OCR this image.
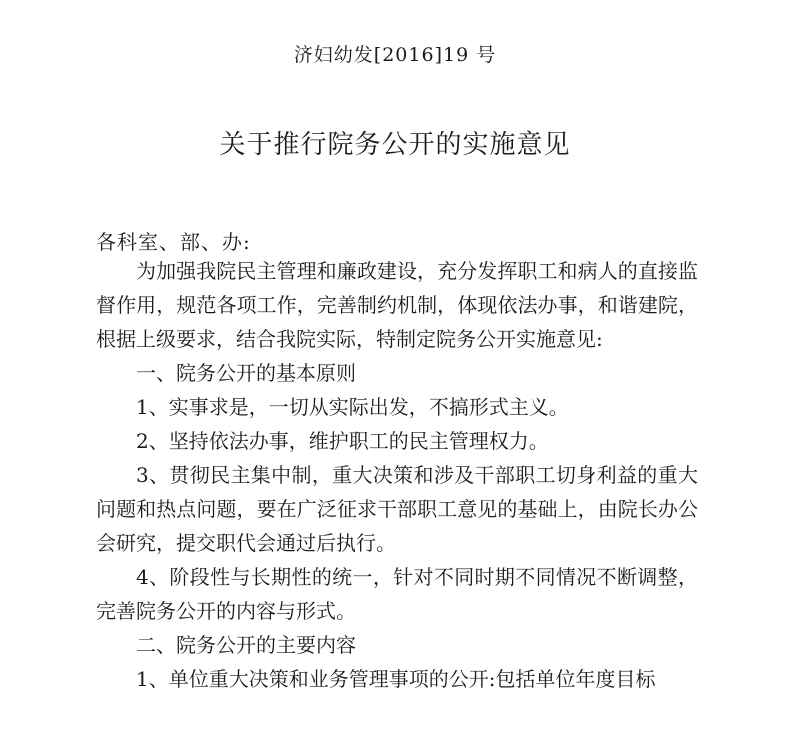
济妇幼发[2016]19 号
关于推行院务公开的实施意见
各科室、部、办:

为加强我院民主管理和廉政建设，充分发挥职工和病人的直接监督作用，规范各项工作，完善制约机制，体现依法办事，和谐建院，根据上级要求，结合我院实际，特制定院务公开实施意见:

一、院务公开的基本原则

1、实事求是，一切从实际出发，不搞形式主义。

2、坚持依法办事，维护职工的民主管理权力。

3、贯彻民主集中制，重大决策和涉及干部职工切身利益的重大问题和热点问题，要在广泛征求干部职工意见的基础上，由院长办公会研究，提交职代会通过后执行。

4、阶段性与长期性的统一，针对不同时期不同情况不断调整，完善院务公开的内容与形式。

二、院务公开的主要内容

1、单位重大决策和业务管理事项的公开:包括单位年度目标
